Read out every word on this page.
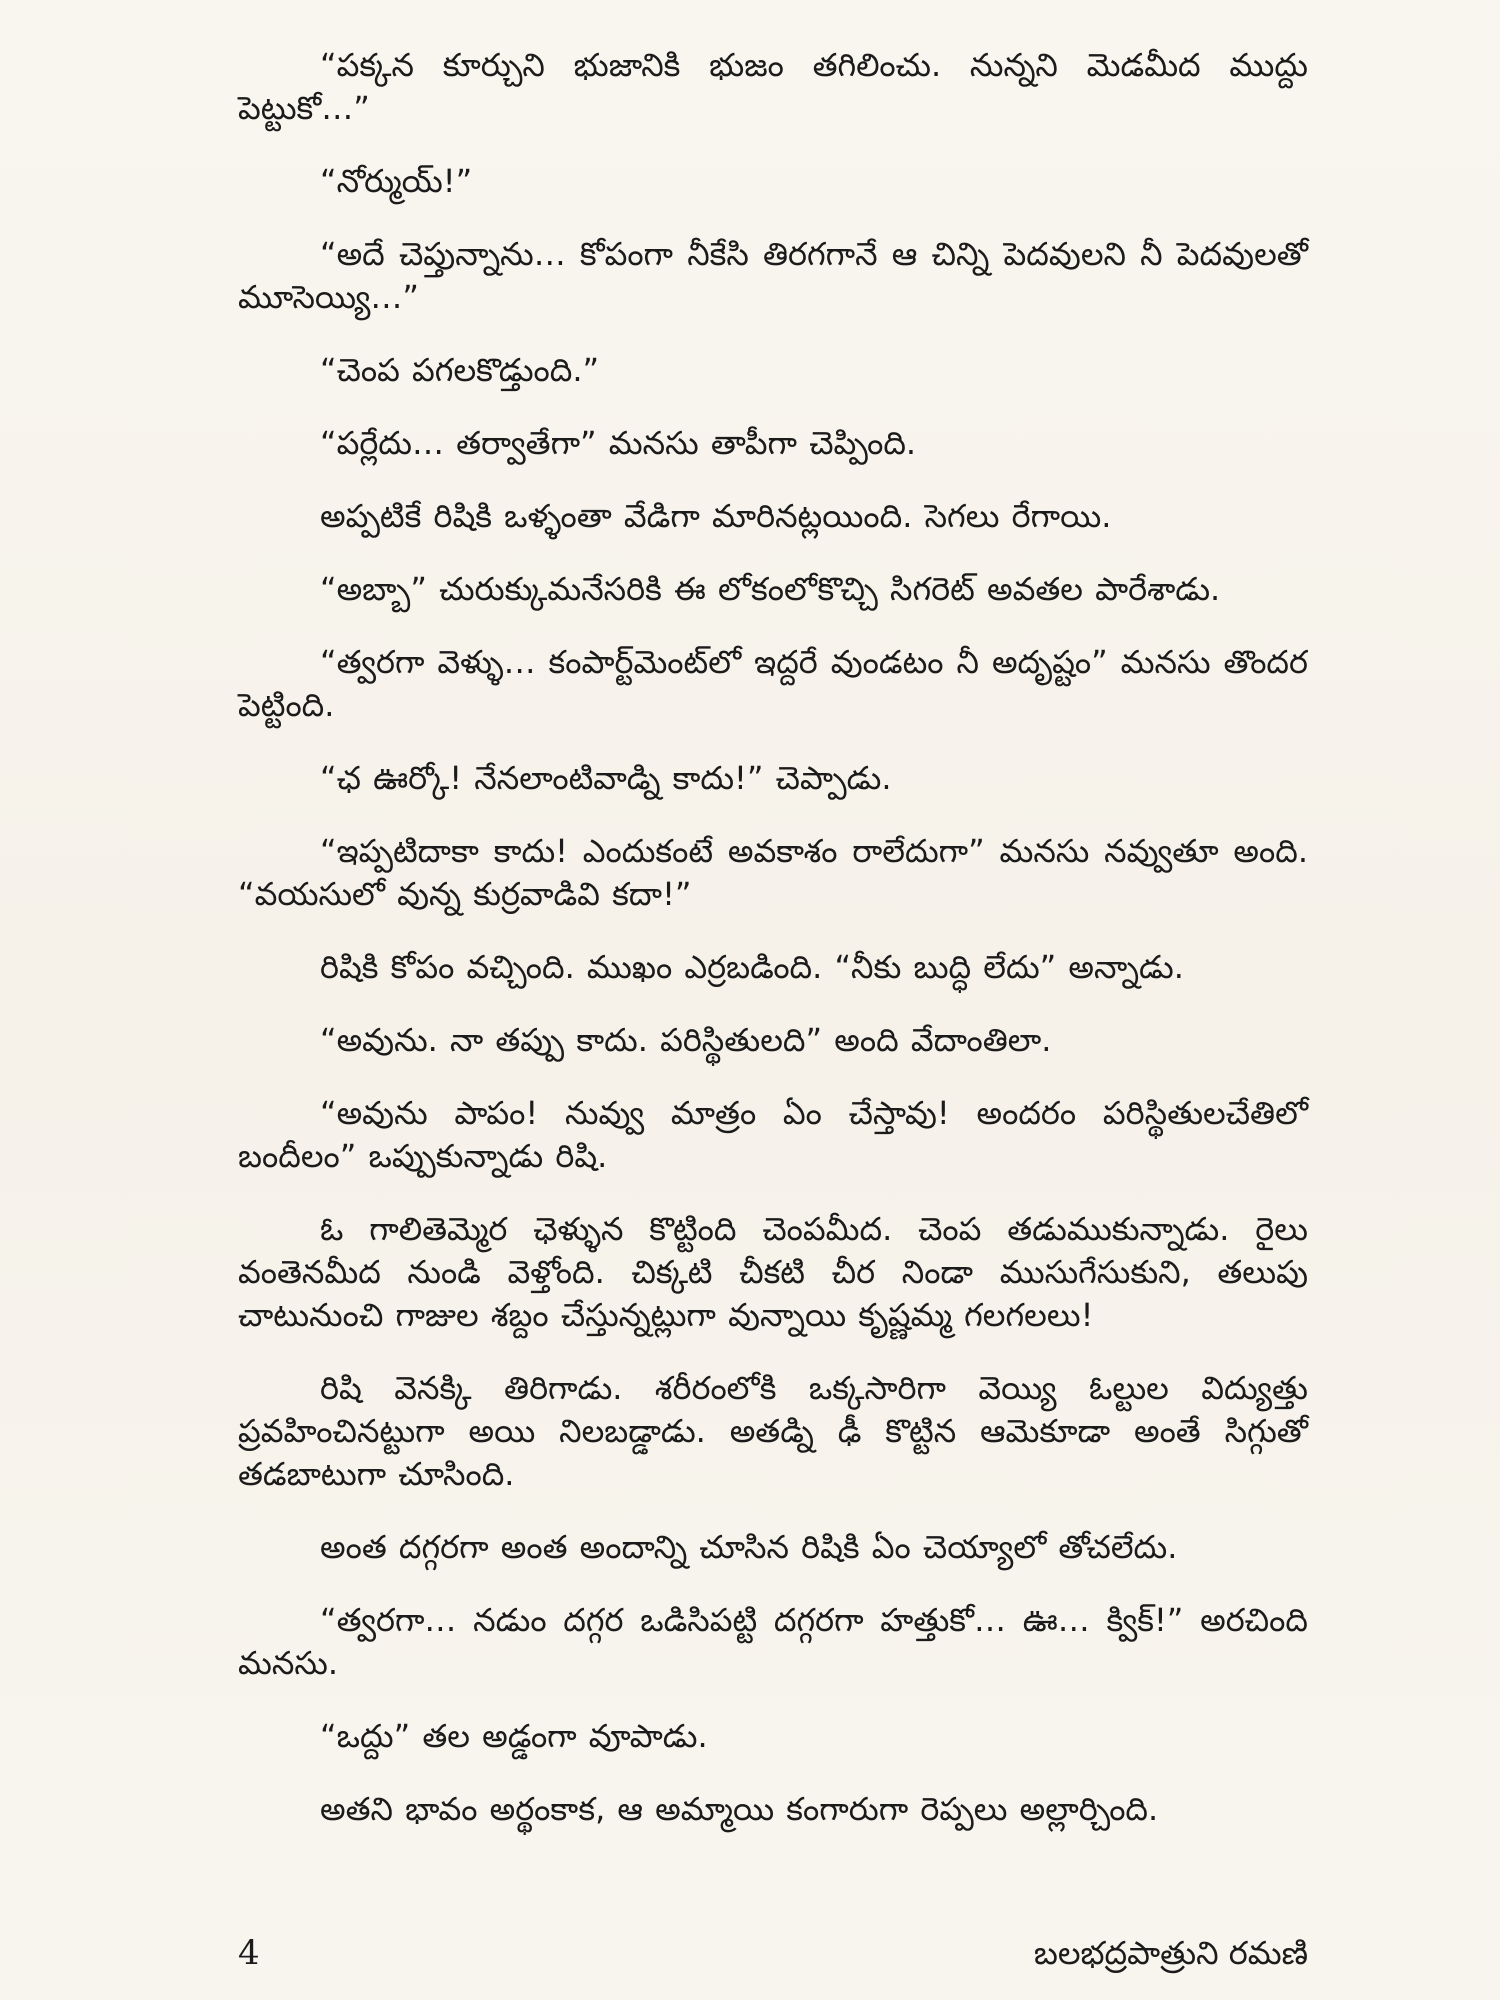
“పక్కన కూర్చుని భుజానికి భుజం తగిలించు. నున్నని మెడమీద ముద్దు పెట్టుకో…”

“నోర్ముయ్!”

“అదే చెప్తున్నాను… కోపంగా నీకేసి తిరగగానే ఆ చిన్ని పెదవులని నీ పెదవులతో మూసెయ్యి…”

“చెంప పగలకొడ్తుంది.”

“పర్లేదు… తర్వాతేగా” మనసు తాపీగా చెప్పింది.

అప్పటికే రిషికి ఒళ్ళంతా వేడిగా మారినట్లయింది. సెగలు రేగాయి.

“అబ్బా” చురుక్కుమనేసరికి ఈ లోకంలోకొచ్చి సిగరెట్ అవతల పారేశాడు.

“త్వరగా వెళ్ళు… కంపార్ట్‌మెంట్‌లో ఇద్దరే వుండటం నీ అదృష్టం” మనసు తొందర పెట్టింది.

“ఛ ఊర్కో! నేనలాంటివాడ్ని కాదు!” చెప్పాడు.

“ఇప్పటిదాకా కాదు! ఎందుకంటే అవకాశం రాలేదుగా” మనసు నవ్వుతూ అంది. “వయసులో వున్న కుర్రవాడివి కదా!”

రిషికి కోపం వచ్చింది. ముఖం ఎర్రబడింది. “నీకు బుద్ధి లేదు” అన్నాడు.

“అవును. నా తప్పు కాదు. పరిస్థితులది” అంది వేదాంతిలా.

“అవును పాపం! నువ్వు మాత్రం ఏం చేస్తావు! అందరం పరిస్థితులచేతిలో బందీలం” ఒప్పుకున్నాడు రిషి.

ఓ గాలితెమ్మెర ఛెళ్ళున కొట్టింది చెంపమీద. చెంప తడుముకున్నాడు. రైలు వంతెనమీద నుండి వెళ్తోంది. చిక్కటి చీకటి చీర నిండా ముసుగేసుకుని, తలుపు చాటునుంచి గాజుల శబ్దం చేస్తున్నట్లుగా వున్నాయి కృష్ణమ్మ గలగలలు!

రిషి వెనక్కి తిరిగాడు. శరీరంలోకి ఒక్కసారిగా వెయ్యి ఓల్టుల విద్యుత్తు ప్రవహించినట్టుగా అయి నిలబడ్డాడు. అతడ్ని ఢీ కొట్టిన ఆమెకూడా అంతే సిగ్గుతో తడబాటుగా చూసింది.

అంత దగ్గరగా అంత అందాన్ని చూసిన రిషికి ఏం చెయ్యాలో తోచలేదు.

“త్వరగా… నడుం దగ్గర ఒడిసిపట్టి దగ్గరగా హత్తుకో… ఊ… క్విక్!” అరచింది మనసు.

“ఒద్దు” తల అడ్డంగా వూపాడు.

అతని భావం అర్థంకాక, ఆ అమ్మాయి కంగారుగా రెప్పలు అల్లార్చింది.

4	బలభద్రపాత్రుని రమణి
